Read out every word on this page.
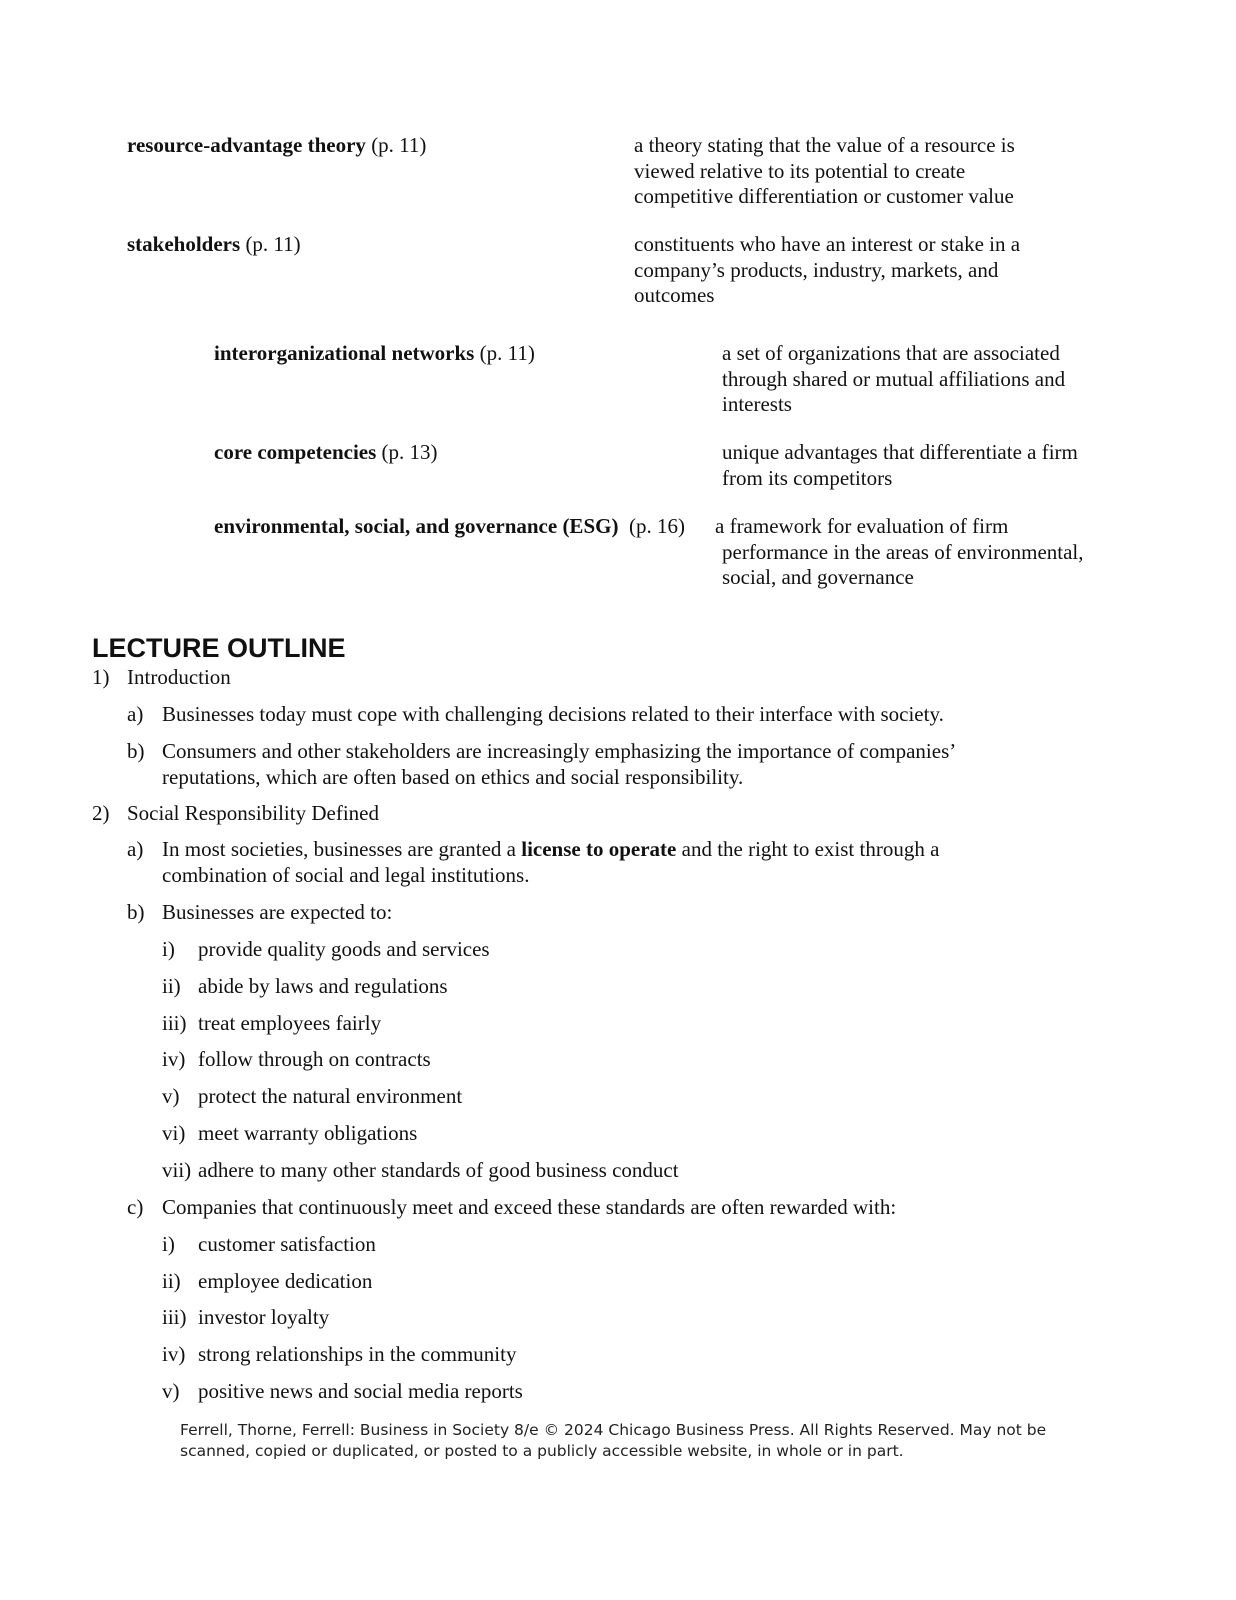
resource-advantage theory (p. 11)	a theory stating that the value of a resource is viewed relative to its potential to create competitive differentiation or customer value
stakeholders (p. 11)	constituents who have an interest or stake in a company’s products, industry, markets, and outcomes
interorganizational networks (p. 11)	a set of organizations that are associated through shared or mutual affiliations and interests
core competencies (p. 13)	unique advantages that differentiate a firm from its competitors
environmental, social, and governance (ESG) (p. 16) a framework for evaluation of firm performance in the areas of environmental, social, and governance
LECTURE OUTLINE
1) Introduction
a) Businesses today must cope with challenging decisions related to their interface with society.
b) Consumers and other stakeholders are increasingly emphasizing the importance of companies’ reputations, which are often based on ethics and social responsibility.
2) Social Responsibility Defined
a) In most societies, businesses are granted a license to operate and the right to exist through a combination of social and legal institutions.
b) Businesses are expected to:
i) provide quality goods and services
ii) abide by laws and regulations
iii) treat employees fairly
iv) follow through on contracts
v) protect the natural environment
vi) meet warranty obligations
vii) adhere to many other standards of good business conduct
c) Companies that continuously meet and exceed these standards are often rewarded with:
i) customer satisfaction
ii) employee dedication
iii) investor loyalty
iv) strong relationships in the community
v) positive news and social media reports
Ferrell, Thorne, Ferrell: Business in Society 8/e © 2024 Chicago Business Press. All Rights Reserved. May not be scanned, copied or duplicated, or posted to a publicly accessible website, in whole or in part.
